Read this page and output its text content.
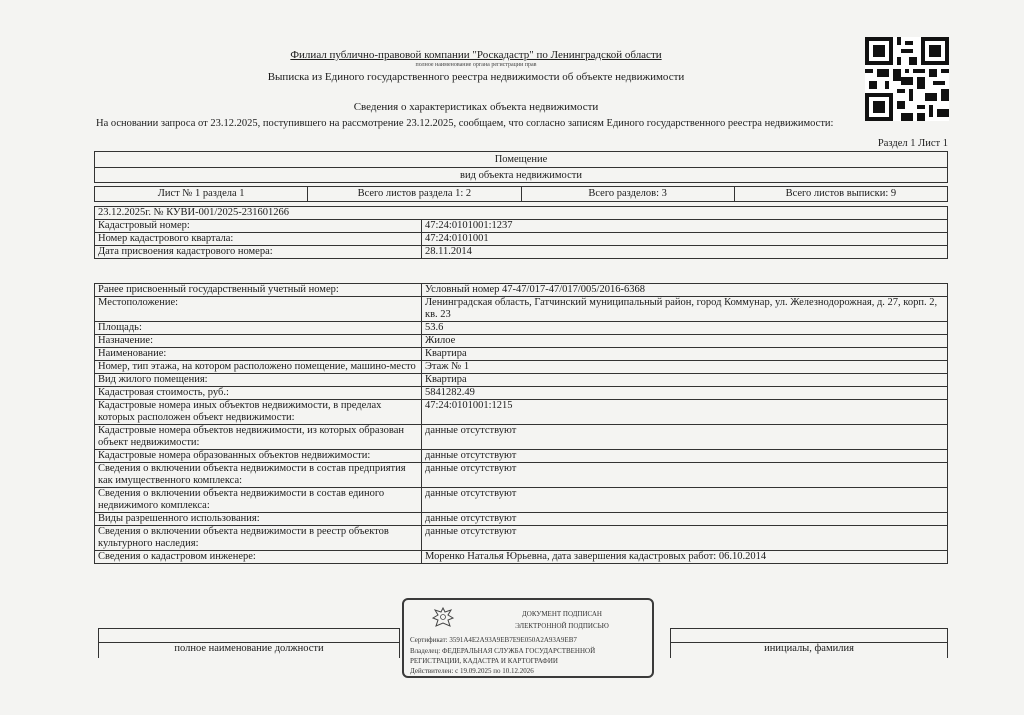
Филиал публично-правовой компании "Роскадастр" по Ленинградской области
полное наименование органа регистрации прав
Выписка из Единого государственного реестра недвижимости об объекте недвижимости
Сведения о характеристиках объекта недвижимости
На основании запроса от 23.12.2025, поступившего на рассмотрение 23.12.2025, сообщаем, что согласно записям Единого государственного реестра недвижимости:
Раздел 1 Лист 1
Помещение
вид объекта недвижимости
Лист № 1 раздела 1	Всего листов раздела 1: 2	Всего разделов: 3	Всего листов выписки: 9
23.12.2025г. № КУВИ-001/2025-231601266	
Кадастровый номер:	47:24:0101001:1237
Номер кадастрового квартала:	47:24:0101001
Дата присвоения кадастрового номера:	28.11.2014
Ранее присвоенный государственный учетный номер:	Условный номер 47-47/017-47/017/005/2016-6368
Местоположение:	Ленинградская область, Гатчинский муниципальный район, город Коммунар, ул. Железнодорожная, д. 27, корп. 2, кв. 23
Площадь:	53.6
Назначение:	Жилое
Наименование:	Квартира
Номер, тип этажа, на котором расположено помещение, машино-место	Этаж № 1
Вид жилого помещения:	Квартира
Кадастровая стоимость, руб.:	5841282.49
Кадастровые номера иных объектов недвижимости, в пределах которых расположен объект недвижимости:	47:24:0101001:1215
Кадастровые номера объектов недвижимости, из которых образован объект недвижимости:	данные отсутствуют
Кадастровые номера образованных объектов недвижимости:	данные отсутствуют
Сведения о включении объекта недвижимости в состав предприятия как имущественного комплекса:	данные отсутствуют
Сведения о включении объекта недвижимости в состав единого недвижимого комплекса:	данные отсутствуют
Виды разрешенного использования:	данные отсутствуют
Сведения о включении объекта недвижимости в реестр объектов культурного наследия:	данные отсутствуют
Сведения о кадастровом инженере:	Моренко Наталья Юрьевна, дата завершения кадастровых работ: 06.10.2014
полное наименование должности	инициалы, фамилия
ДОКУМЕНТ ПОДПИСАН
ЭЛЕКТРОННОЙ ПОДПИСЬЮ
Сертификат: 3591A4E2A93A9EB7E9E050A2A93A9EB7
Владелец: ФЕДЕРАЛЬНАЯ СЛУЖБА ГОСУДАРСТВЕННОЙ
РЕГИСТРАЦИИ, КАДАСТРА И КАРТОГРАФИИ
Действителен: с 19.09.2025 по 10.12.2026
